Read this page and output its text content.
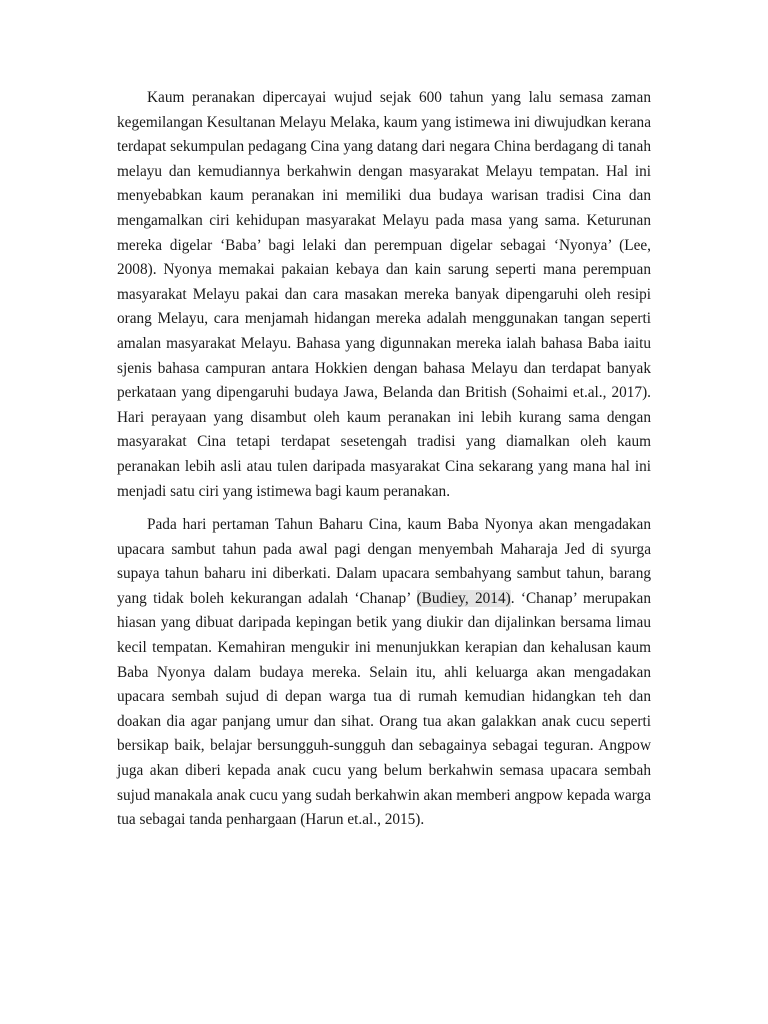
Kaum peranakan dipercayai wujud sejak 600 tahun yang lalu semasa zaman kegemilangan Kesultanan Melayu Melaka, kaum yang istimewa ini diwujudkan kerana terdapat sekumpulan pedagang Cina yang datang dari negara China berdagang di tanah melayu dan kemudiannya berkahwin dengan masyarakat Melayu tempatan. Hal ini menyebabkan kaum peranakan ini memiliki dua budaya warisan tradisi Cina dan mengamalkan ciri kehidupan masyarakat Melayu pada masa yang sama. Keturunan mereka digelar ‘Baba’ bagi lelaki dan perempuan digelar sebagai ‘Nyonya’ (Lee, 2008). Nyonya memakai pakaian kebaya dan kain sarung seperti mana perempuan masyarakat Melayu pakai dan cara masakan mereka banyak dipengaruhi oleh resipi orang Melayu, cara menjamah hidangan mereka adalah menggunakan tangan seperti amalan masyarakat Melayu. Bahasa yang digunnakan mereka ialah bahasa Baba iaitu sjenis bahasa campuran antara Hokkien dengan bahasa Melayu dan terdapat banyak perkataan yang dipengaruhi budaya Jawa, Belanda dan British (Sohaimi et.al., 2017). Hari perayaan yang disambut oleh kaum peranakan ini lebih kurang sama dengan masyarakat Cina tetapi terdapat sesetengah tradisi yang diamalkan oleh kaum peranakan lebih asli atau tulen daripada masyarakat Cina sekarang yang mana hal ini menjadi satu ciri yang istimewa bagi kaum peranakan.

Pada hari pertaman Tahun Baharu Cina, kaum Baba Nyonya akan mengadakan upacara sambut tahun pada awal pagi dengan menyembah Maharaja Jed di syurga supaya tahun baharu ini diberkati. Dalam upacara sembahyang sambut tahun, barang yang tidak boleh kekurangan adalah ‘Chanap’ (Budiey, 2014). ‘Chanap’ merupakan hiasan yang dibuat daripada kepingan betik yang diukir dan dijalinkan bersama limau kecil tempatan. Kemahiran mengukir ini menunjukkan kerapian dan kehalusan kaum Baba Nyonya dalam budaya mereka. Selain itu, ahli keluarga akan mengadakan upacara sembah sujud di depan warga tua di rumah kemudian hidangkan teh dan doakan dia agar panjang umur dan sihat. Orang tua akan galakkan anak cucu seperti bersikap baik, belajar bersungguh-sungguh dan sebagainya sebagai teguran. Angpow juga akan diberi kepada anak cucu yang belum berkahwin semasa upacara sembah sujud manakala anak cucu yang sudah berkahwin akan memberi angpow kepada warga tua sebagai tanda penhargaan (Harun et.al., 2015).
